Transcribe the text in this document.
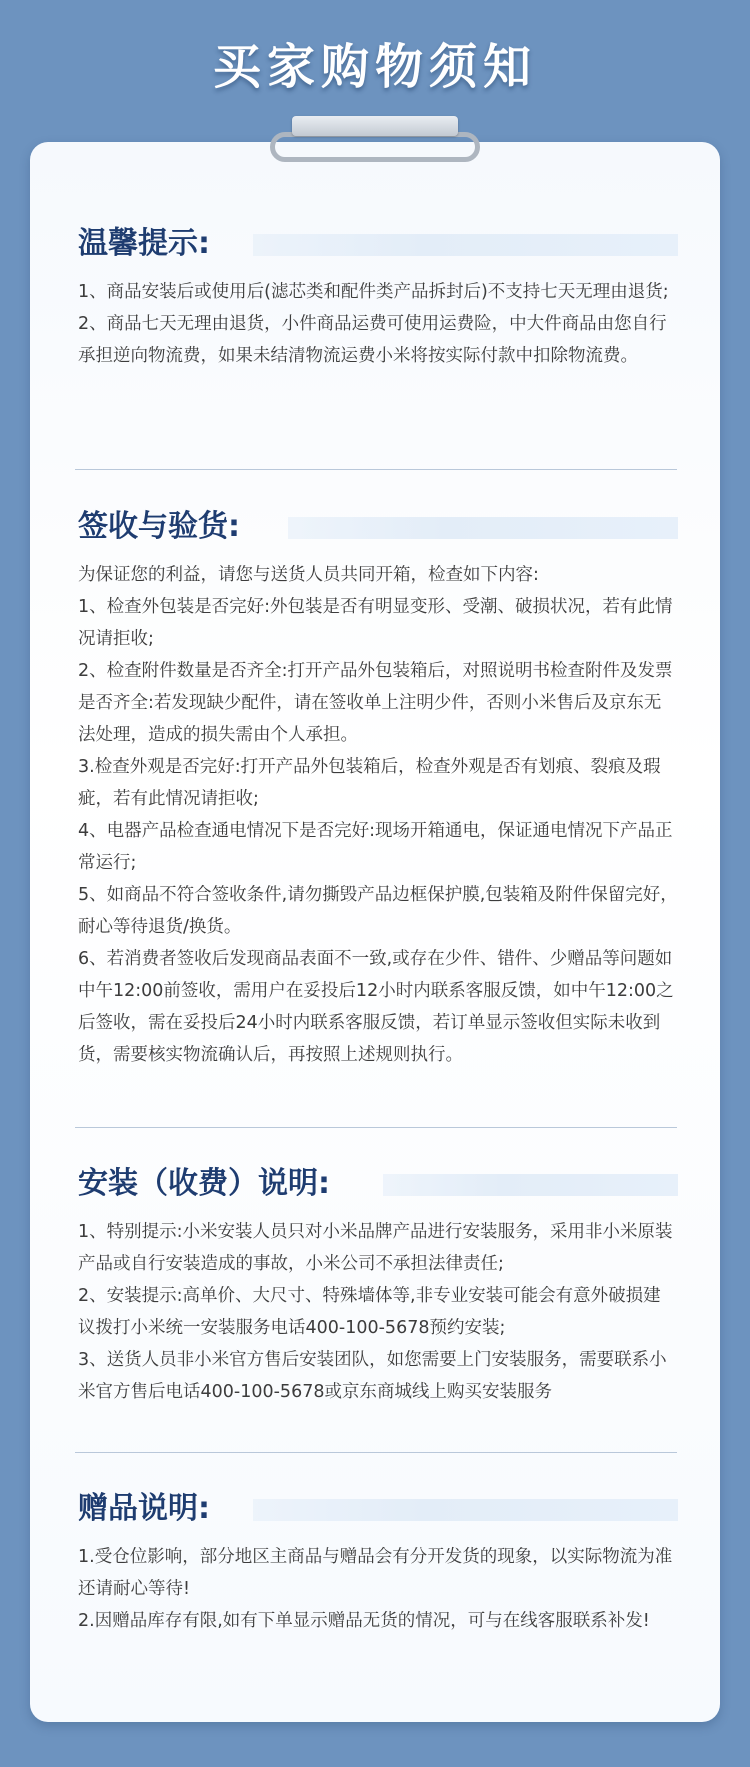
买家购物须知
温馨提示:

1、商品安装后或使用后(滤芯类和配件类产品拆封后)不支持七天无理由退货;

2、商品七天无理由退货，小件商品运费可使用运费险，中大件商品由您自行承担逆向物流费，如果未结清物流运费小米将按实际付款中扣除物流费。

签收与验货:

为保证您的利益，请您与送货人员共同开箱，检查如下内容:

1、检查外包装是否完好:外包装是否有明显变形、受潮、破损状况，若有此情况请拒收;

2、检查附件数量是否齐全:打开产品外包装箱后，对照说明书检查附件及发票是否齐全:若发现缺少配件，请在签收单上注明少件，否则小米售后及京东无法处理，造成的损失需由个人承担。

3.检查外观是否完好:打开产品外包装箱后，检查外观是否有划痕、裂痕及瑕疵，若有此情况请拒收;

4、电器产品检查通电情况下是否完好:现场开箱通电，保证通电情况下产品正常运行;

5、如商品不符合签收条件,请勿撕毁产品边框保护膜,包装箱及附件保留完好，耐心等待退货/换货。

6、若消费者签收后发现商品表面不一致,或存在少件、错件、少赠品等问题如中午12:00前签收，需用户在妥投后12小时内联系客服反馈，如中午12:00之后签收，需在妥投后24小时内联系客服反馈，若订单显示签收但实际未收到货，需要核实物流确认后，再按照上述规则执行。

安装（收费）说明:

1、特别提示:小米安装人员只对小米品牌产品进行安装服务，采用非小米原装产品或自行安装造成的事故，小米公司不承担法律责任;

2、安装提示:高单价、大尺寸、特殊墙体等,非专业安装可能会有意外破损建议拨打小米统一安装服务电话400-100-5678预约安装;

3、送货人员非小米官方售后安装团队，如您需要上门安装服务，需要联系小米官方售后电话400-100-5678或京东商城线上购买安装服务

赠品说明:

1.受仓位影响，部分地区主商品与赠品会有分开发货的现象，以实际物流为准还请耐心等待!

2.因赠品库存有限,如有下单显示赠品无货的情况，可与在线客服联系补发!
